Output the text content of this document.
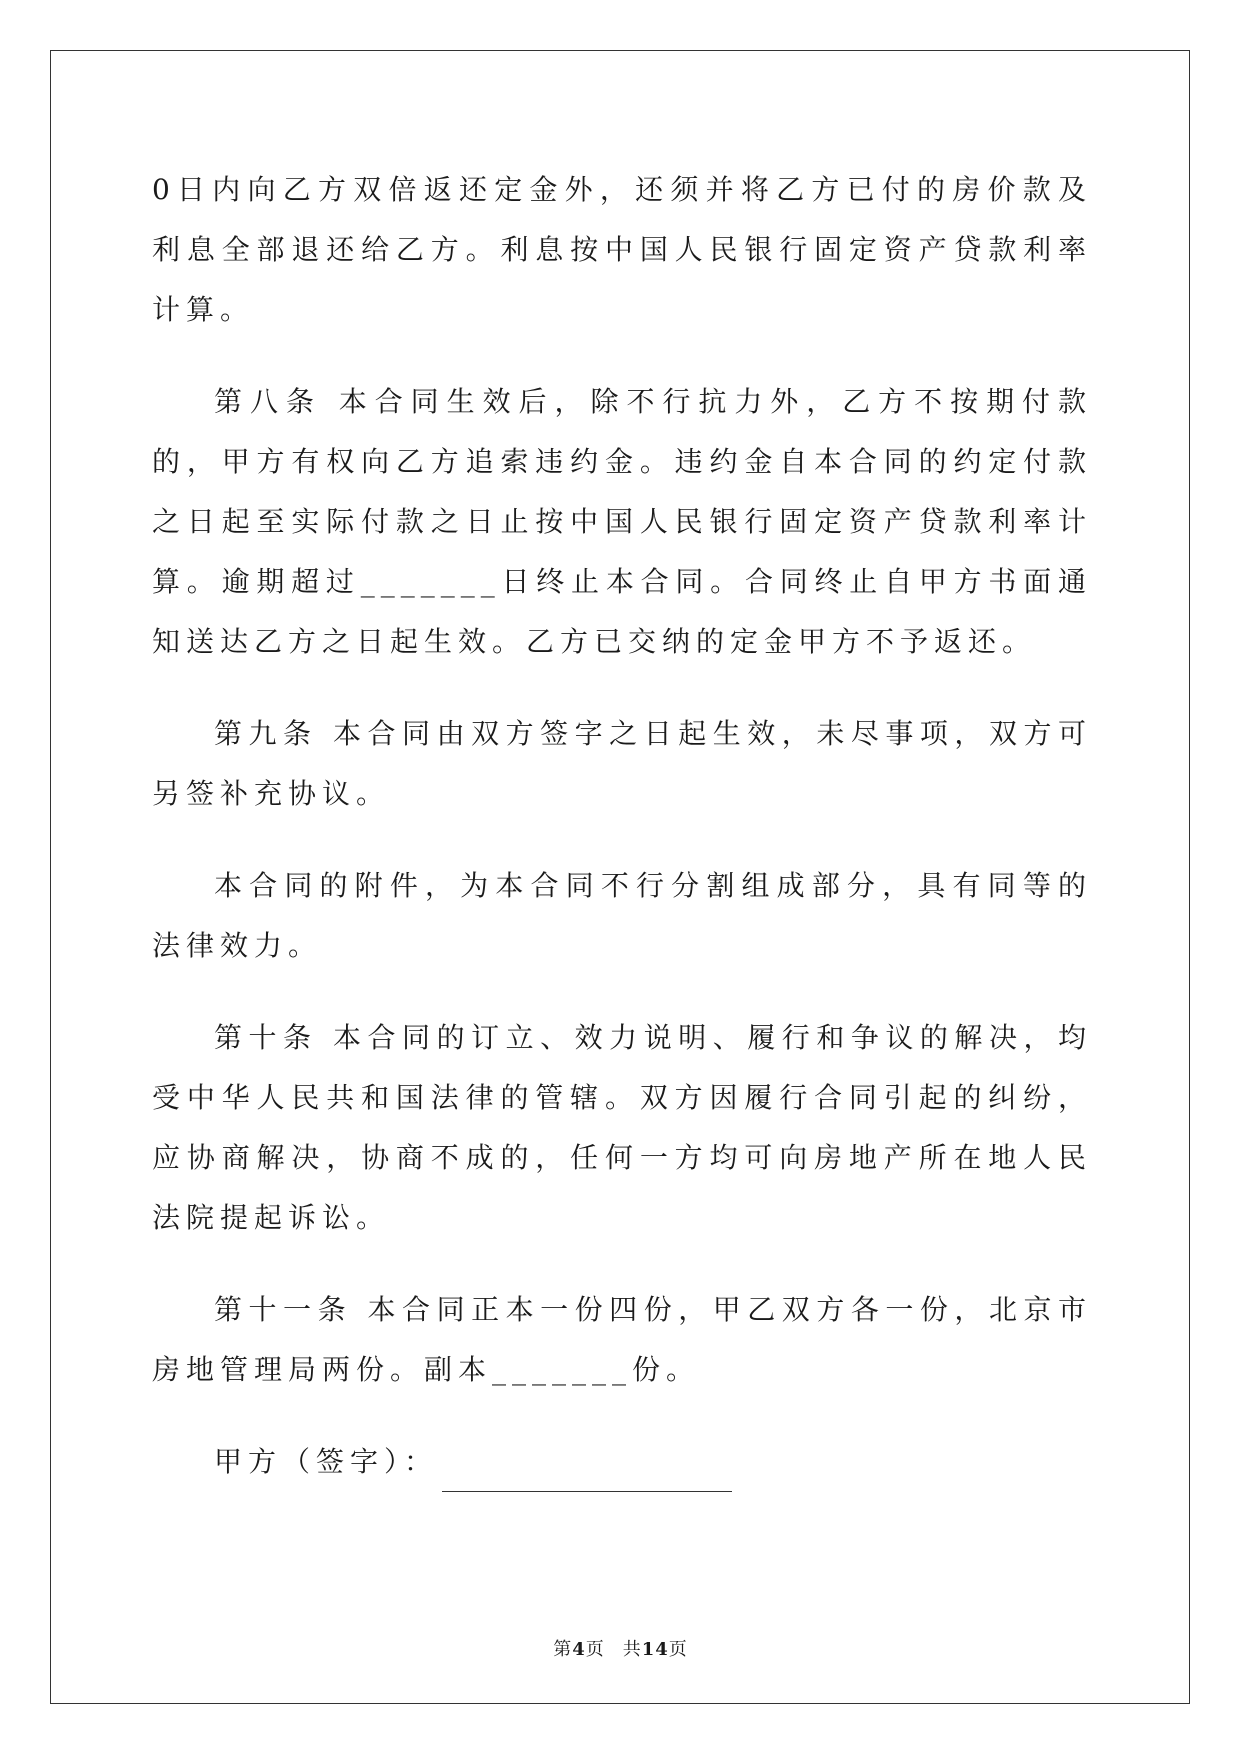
0日内向乙方双倍返还定金外，还须并将乙方已付的房价款及利息全部退还给乙方。利息按中国人民银行固定资产贷款利率计算。

第八条 本合同生效后，除不行抗力外，乙方不按期付款的，甲方有权向乙方追索违约金。违约金自本合同的约定付款之日起至实际付款之日止按中国人民银行固定资产贷款利率计算。逾期超过_______日终止本合同。合同终止自甲方书面通知送达乙方之日起生效。乙方已交纳的定金甲方不予返还。

第九条 本合同由双方签字之日起生效，未尽事项，双方可另签补充协议。

本合同的附件，为本合同不行分割组成部分，具有同等的法律效力。

第十条 本合同的订立、效力说明、履行和争议的解决，均受中华人民共和国法律的管辖。双方因履行合同引起的纠纷，应协商解决，协商不成的，任何一方均可向房地产所在地人民法院提起诉讼。

第十一条 本合同正本一份四份，甲乙双方各一份，北京市房地管理局两份。副本_______份。

甲方（签字）：

第4页 共14页
